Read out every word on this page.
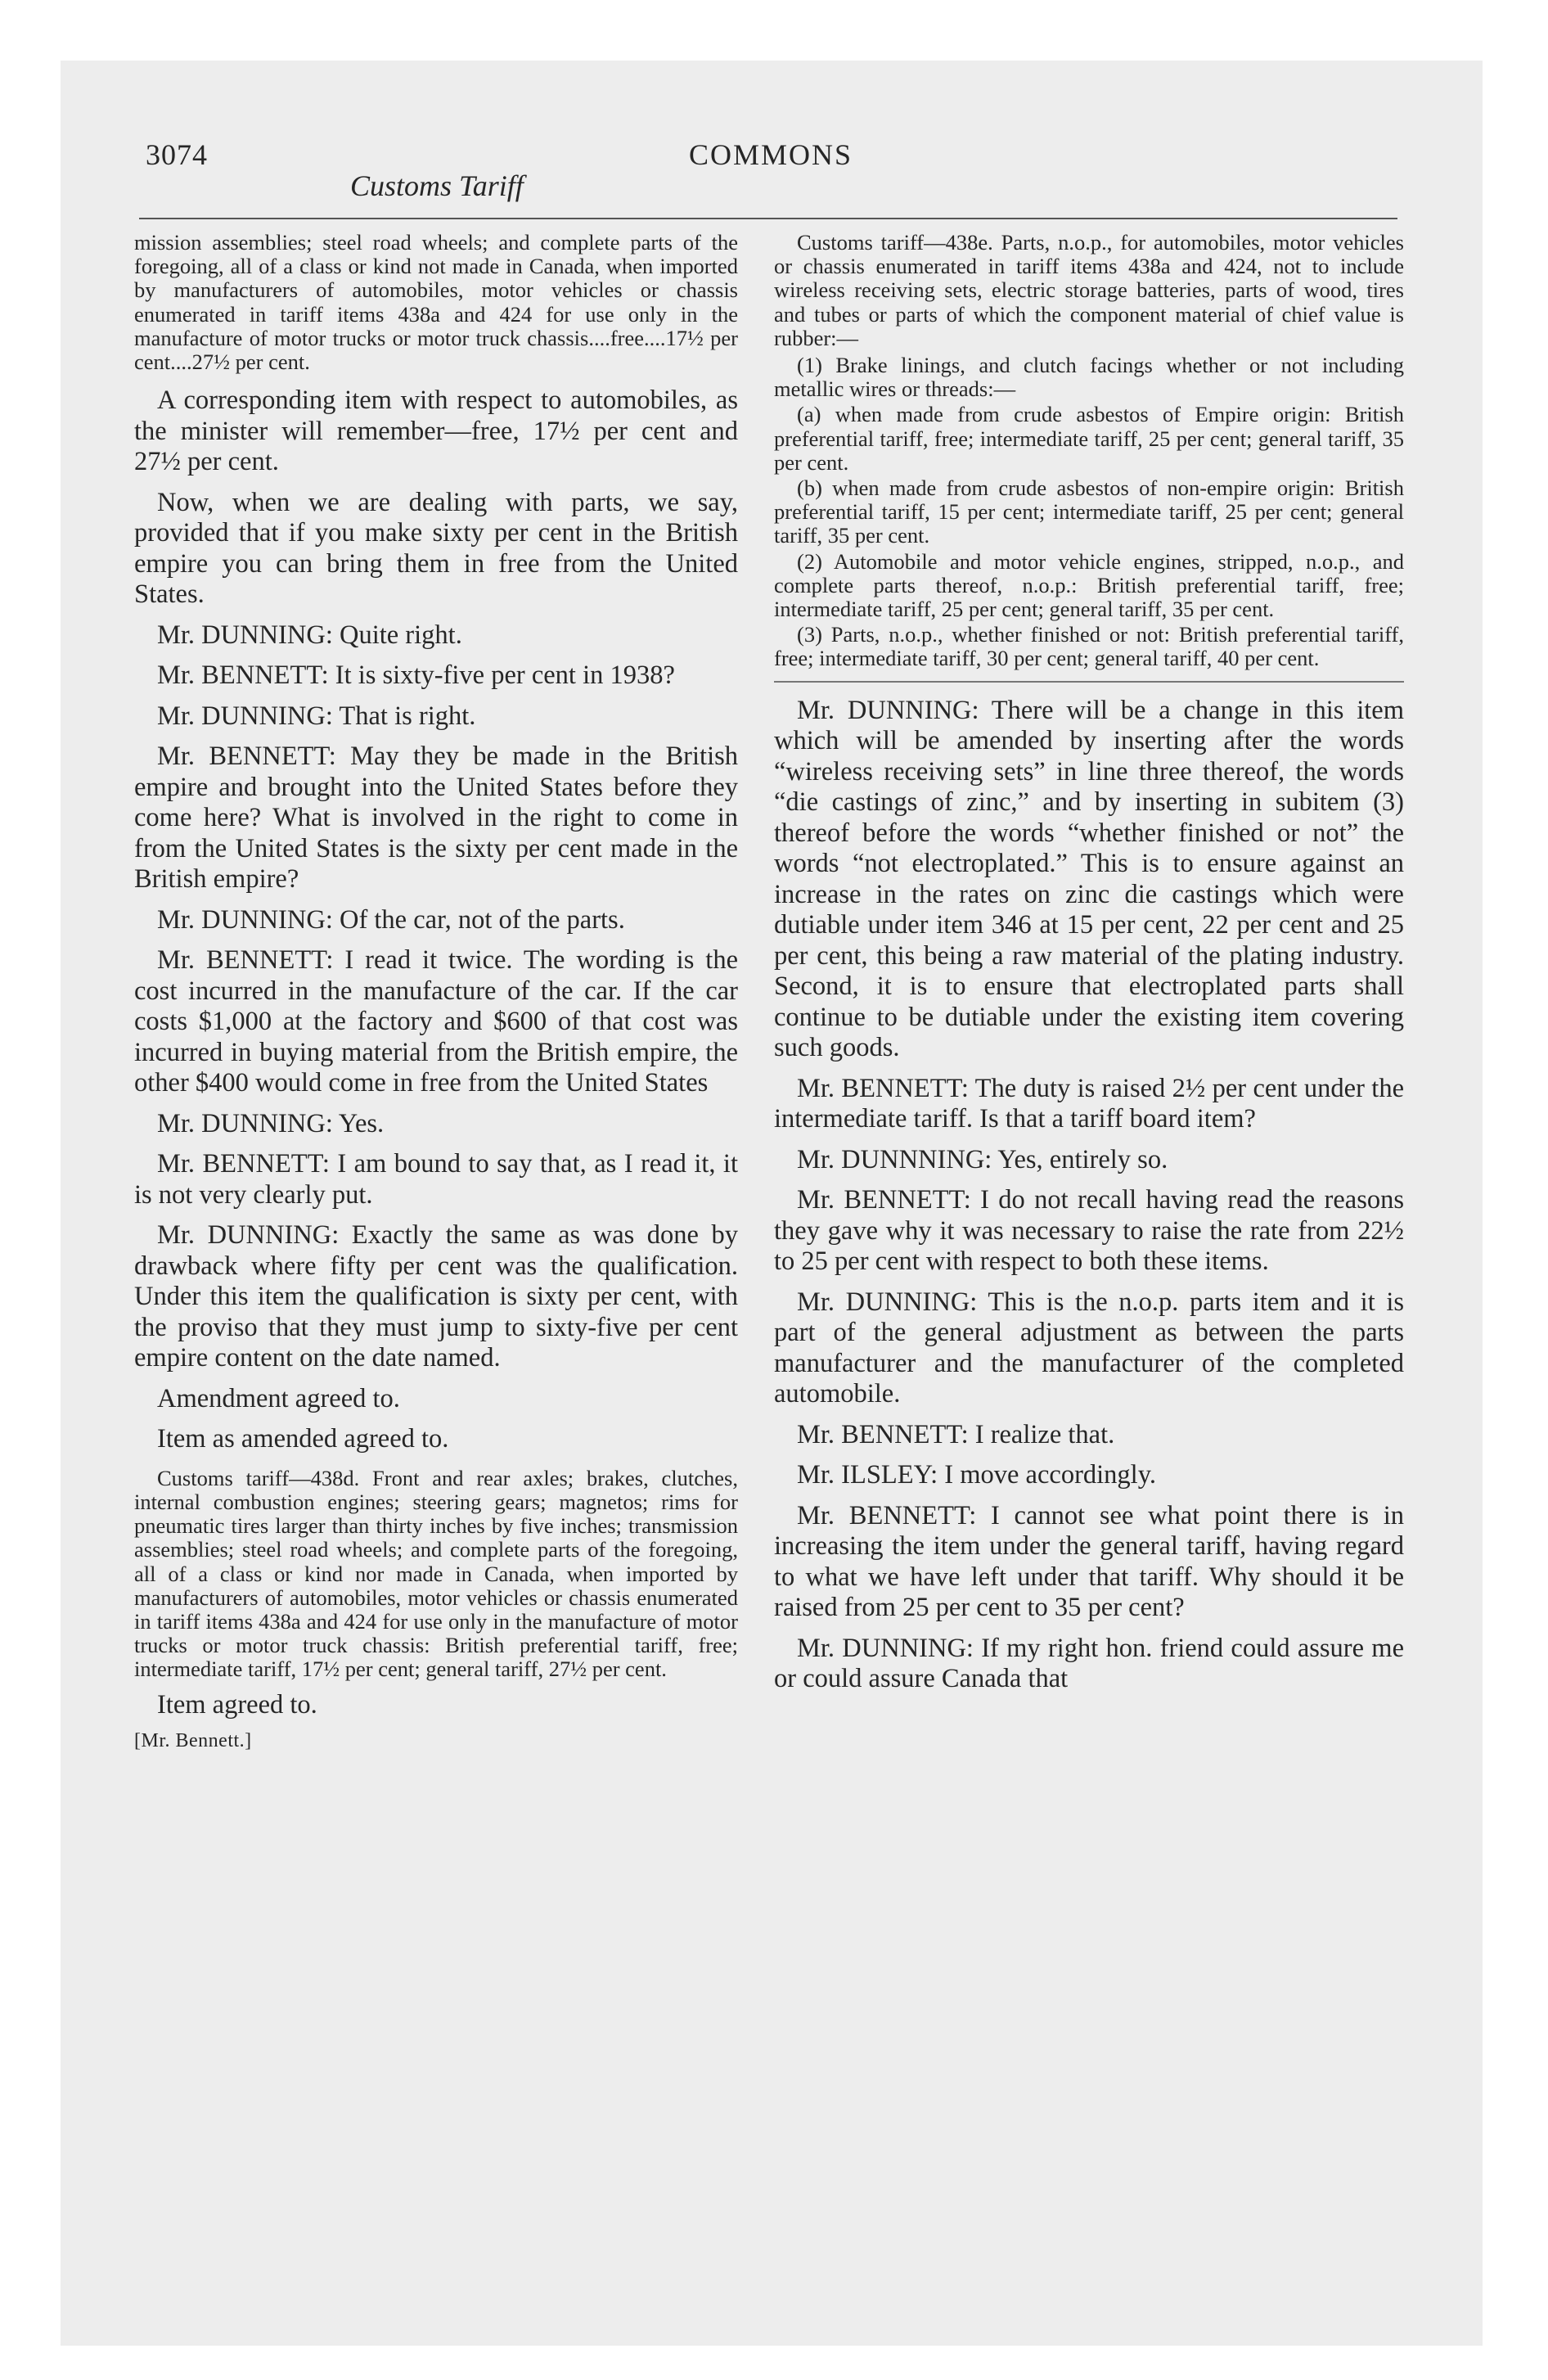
3074	COMMONS
Customs Tariff

mission assemblies; steel road wheels; and complete parts of the foregoing, all of a class or kind not made in Canada, when imported by manufacturers of automobiles, motor vehicles or chassis enumerated in tariff items 438a and 424 for use only in the manufacture of motor trucks or motor truck chassis....free....17½ per cent....27½ per cent.

A corresponding item with respect to automobiles, as the minister will remember—free, 17½ per cent and 27½ per cent.

Now, when we are dealing with parts, we say, provided that if you make sixty per cent in the British empire you can bring them in free from the United States.

Mr. DUNNING: Quite right.

Mr. BENNETT: It is sixty-five per cent in 1938?

Mr. DUNNING: That is right.

Mr. BENNETT: May they be made in the British empire and brought into the United States before they come here? What is involved in the right to come in from the United States is the sixty per cent made in the British empire?

Mr. DUNNING: Of the car, not of the parts.

Mr. BENNETT: I read it twice. The wording is the cost incurred in the manufacture of the car. If the car costs $1,000 at the factory and $600 of that cost was incurred in buying material from the British empire, the other $400 would come in free from the United States

Mr. DUNNING: Yes.

Mr. BENNETT: I am bound to say that, as I read it, it is not very clearly put.

Mr. DUNNING: Exactly the same as was done by drawback where fifty per cent was the qualification. Under this item the qualification is sixty per cent, with the proviso that they must jump to sixty-five per cent empire content on the date named.

Amendment agreed to.

Item as amended agreed to.

Customs tariff—438d. Front and rear axles; brakes, clutches, internal combustion engines; steering gears; magnetos; rims for pneumatic tires larger than thirty inches by five inches; transmission assemblies; steel road wheels; and complete parts of the foregoing, all of a class or kind nor made in Canada, when imported by manufacturers of automobiles, motor vehicles or chassis enumerated in tariff items 438a and 424 for use only in the manufacture of motor trucks or motor truck chassis: British preferential tariff, free; intermediate tariff, 17½ per cent; general tariff, 27½ per cent.

Item agreed to.

[Mr. Bennett.]

Customs tariff—438e. Parts, n.o.p., for automobiles, motor vehicles or chassis enumerated in tariff items 438a and 424, not to include wireless receiving sets, electric storage batteries, parts of wood, tires and tubes or parts of which the component material of chief value is rubber:—

(1) Brake linings, and clutch facings whether or not including metallic wires or threads:—

(a) when made from crude asbestos of Empire origin: British preferential tariff, free; intermediate tariff, 25 per cent; general tariff, 35 per cent.

(b) when made from crude asbestos of non-empire origin: British preferential tariff, 15 per cent; intermediate tariff, 25 per cent; general tariff, 35 per cent.

(2) Automobile and motor vehicle engines, stripped, n.o.p., and complete parts thereof, n.o.p.: British preferential tariff, free; intermediate tariff, 25 per cent; general tariff, 35 per cent.

(3) Parts, n.o.p., whether finished or not: British preferential tariff, free; intermediate tariff, 30 per cent; general tariff, 40 per cent.

Mr. DUNNING: There will be a change in this item which will be amended by inserting after the words “wireless receiving sets” in line three thereof, the words “die castings of zinc,” and by inserting in subitem (3) thereof before the words “whether finished or not” the words “not electroplated.” This is to ensure against an increase in the rates on zinc die castings which were dutiable under item 346 at 15 per cent, 22 per cent and 25 per cent, this being a raw material of the plating industry. Second, it is to ensure that electroplated parts shall continue to be dutiable under the existing item covering such goods.

Mr. BENNETT: The duty is raised 2½ per cent under the intermediate tariff. Is that a tariff board item?

Mr. DUNNNING: Yes, entirely so.

Mr. BENNETT: I do not recall having read the reasons they gave why it was necessary to raise the rate from 22½ to 25 per cent with respect to both these items.

Mr. DUNNING: This is the n.o.p. parts item and it is part of the general adjustment as between the parts manufacturer and the manufacturer of the completed automobile.

Mr. BENNETT: I realize that.

Mr. ILSLEY: I move accordingly.

Mr. BENNETT: I cannot see what point there is in increasing the item under the general tariff, having regard to what we have left under that tariff. Why should it be raised from 25 per cent to 35 per cent?

Mr. DUNNING: If my right hon. friend could assure me or could assure Canada that
